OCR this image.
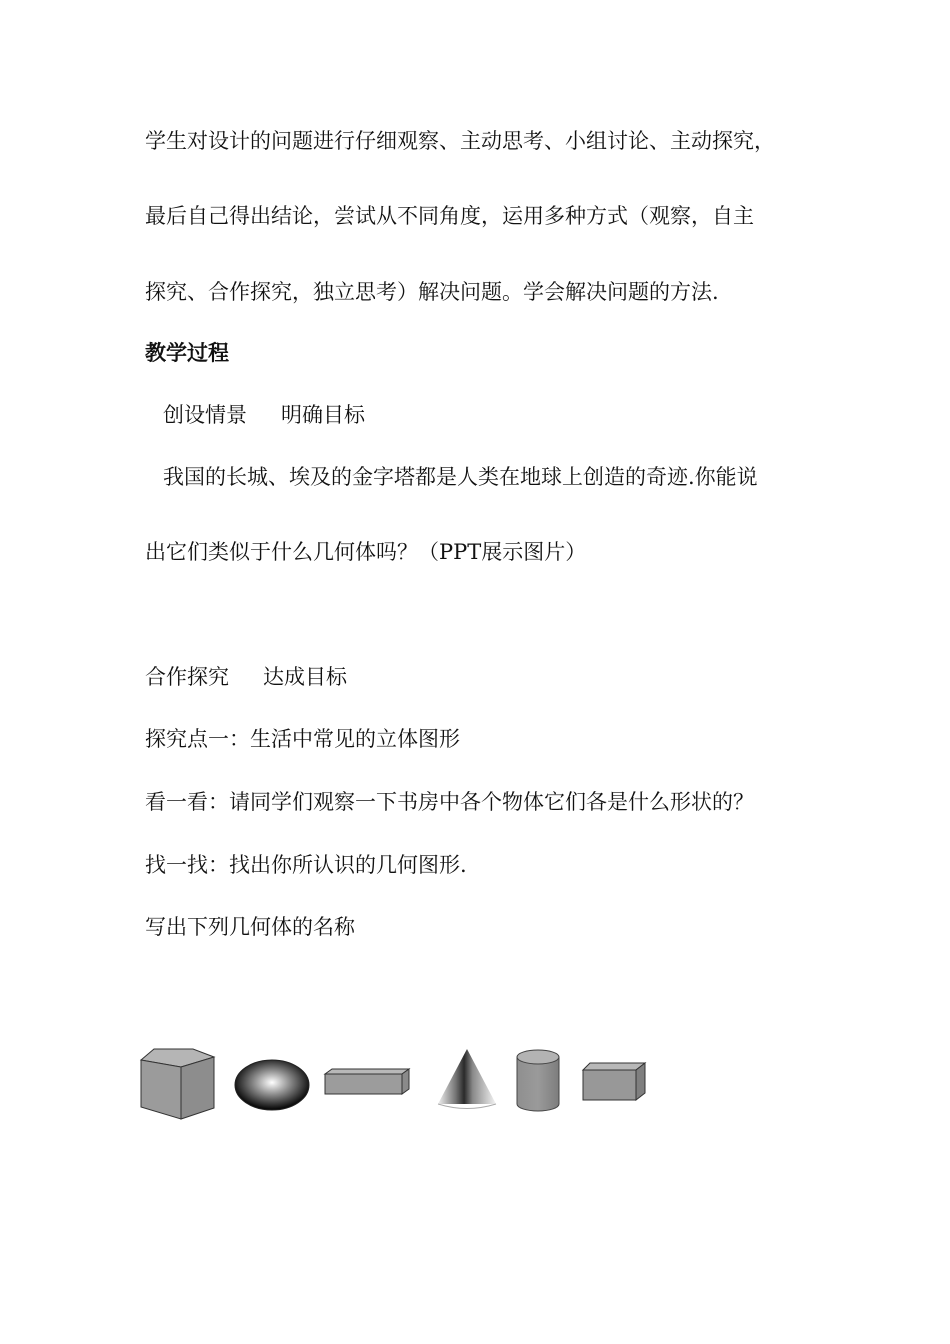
学生对设计的问题进行仔细观察、主动思考、小组讨论、主动探究，
最后自己得出结论，尝试从不同角度，运用多种方式（观察，自主
探究、合作探究，独立思考）解决问题。学会解决问题的方法.
教学过程
创设情景 明确目标
我国的长城、埃及的金字塔都是人类在地球上创造的奇迹.你能说
出它们类似于什么几何体吗？（PPT展示图片）
合作探究 达成目标
探究点一：生活中常见的立体图形
看一看：请同学们观察一下书房中各个物体它们各是什么形状的？
找一找：找出你所认识的几何图形.
写出下列几何体的名称
